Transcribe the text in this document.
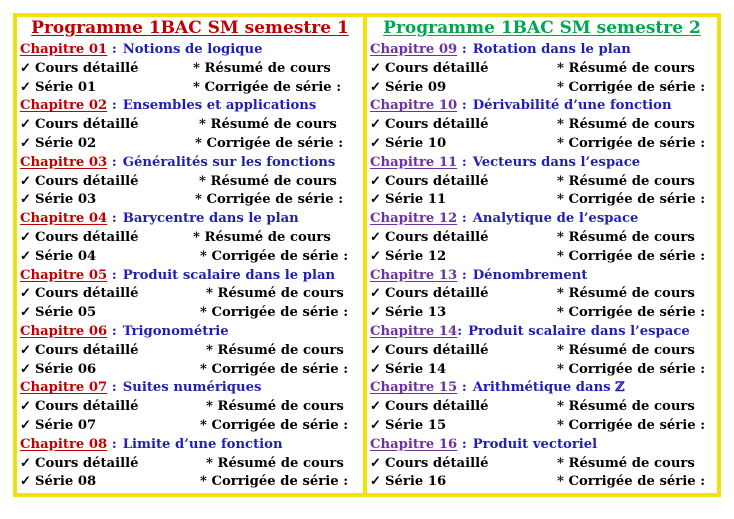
Programme 1BAC SM semestre 1
Chapitre 01 : Notions de logique
✓ Cours détaillé	* Résumé de cours
✓ Série 01	* Corrigée de série :
Chapitre 02 : Ensembles et applications
✓ Cours détaillé	* Résumé de cours
✓ Série 02	* Corrigée de série :
Chapitre 03 : Généralités sur les fonctions
✓ Cours détaillé	* Résumé de cours
✓ Série 03	* Corrigée de série :
Chapitre 04 : Barycentre dans le plan
✓ Cours détaillé	* Résumé de cours
✓ Série 04	* Corrigée de série :
Chapitre 05 : Produit scalaire dans le plan
✓ Cours détaillé	* Résumé de cours
✓ Série 05	* Corrigée de série :
Chapitre 06 : Trigonométrie
✓ Cours détaillé	* Résumé de cours
✓ Série 06	* Corrigée de série :
Chapitre 07 : Suites numériques
✓ Cours détaillé	* Résumé de cours
✓ Série 07	* Corrigée de série :
Chapitre 08 : Limite d’une fonction
✓ Cours détaillé	* Résumé de cours
✓ Série 08	* Corrigée de série :
Programme 1BAC SM semestre 2
Chapitre 09 : Rotation dans le plan
✓ Cours détaillé	* Résumé de cours
✓ Série 09	* Corrigée de série :
Chapitre 10 : Dérivabilité d’une fonction
✓ Cours détaillé	* Résumé de cours
✓ Série 10	* Corrigée de série :
Chapitre 11 : Vecteurs dans l’espace
✓ Cours détaillé	* Résumé de cours
✓ Série 11	* Corrigée de série :
Chapitre 12 : Analytique de l’espace
✓ Cours détaillé	* Résumé de cours
✓ Série 12	* Corrigée de série :
Chapitre 13 : Dénombrement
✓ Cours détaillé	* Résumé de cours
✓ Série 13	* Corrigée de série :
Chapitre 14: Produit scalaire dans l’espace
✓ Cours détaillé	* Résumé de cours
✓ Série 14	* Corrigée de série :
Chapitre 15 : Arithmétique dans ℤ
✓ Cours détaillé	* Résumé de cours
✓ Série 15	* Corrigée de série :
Chapitre 16 : Produit vectoriel
✓ Cours détaillé	* Résumé de cours
✓ Série 16	* Corrigée de série :
